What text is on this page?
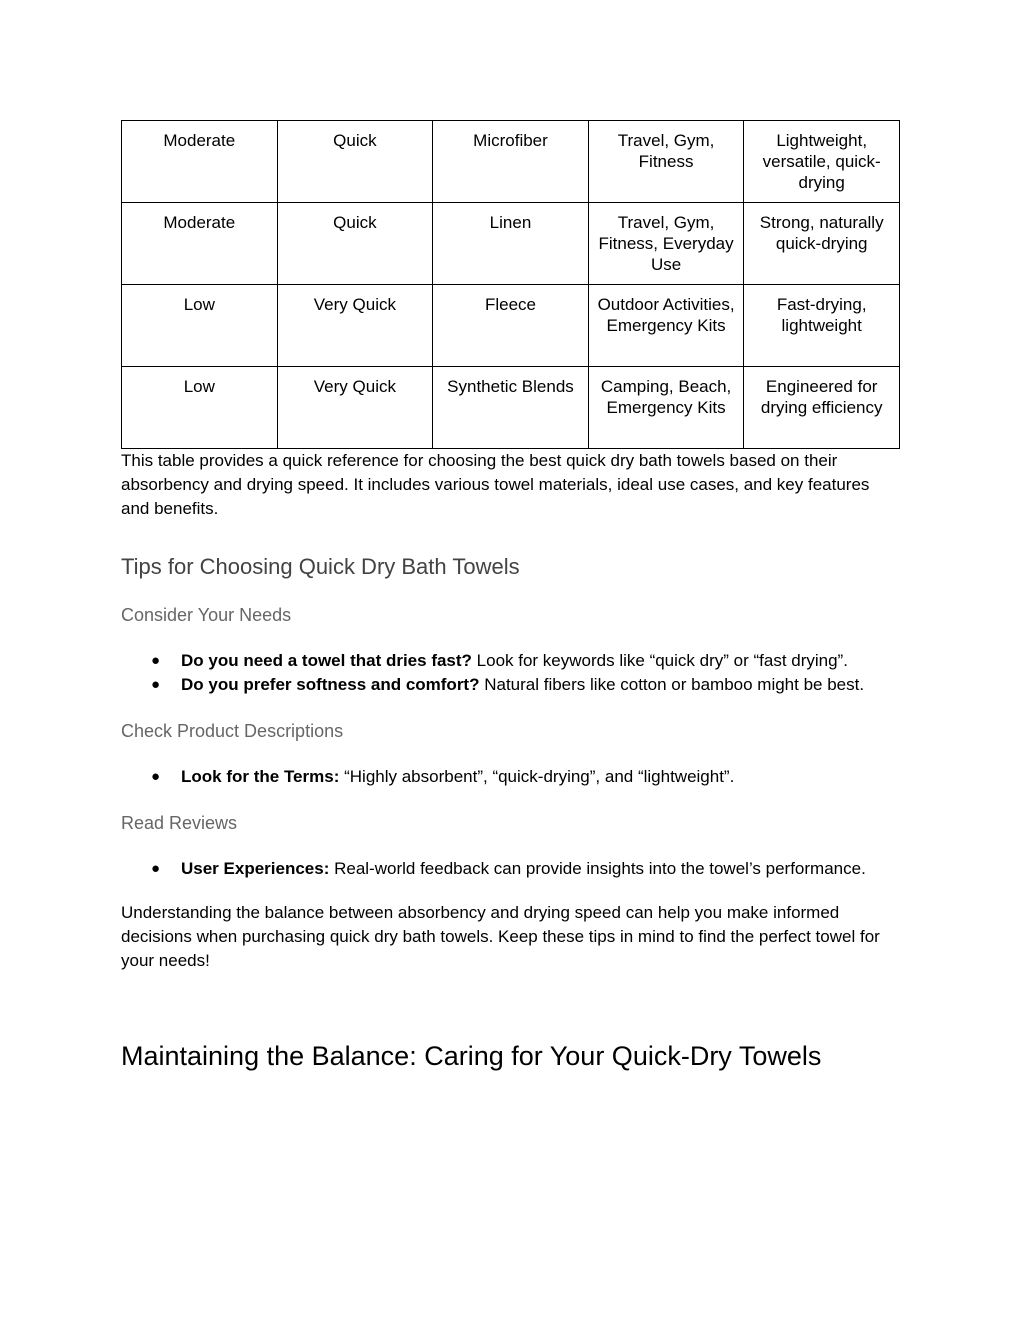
Moderate	Quick	Microfiber	Travel, Gym, Fitness	Lightweight, versatile, quick-drying
Moderate	Quick	Linen	Travel, Gym, Fitness, Everyday Use	Strong, naturally quick-drying
Low	Very Quick	Fleece	Outdoor Activities, Emergency Kits	Fast-drying, lightweight
Low	Very Quick	Synthetic Blends	Camping, Beach, Emergency Kits	Engineered for drying efficiency

This table provides a quick reference for choosing the best quick dry bath towels based on their absorbency and drying speed. It includes various towel materials, ideal use cases, and key features and benefits.

Tips for Choosing Quick Dry Bath Towels
Consider Your Needs
● Do you need a towel that dries fast? Look for keywords like “quick dry” or “fast drying”.
● Do you prefer softness and comfort? Natural fibers like cotton or bamboo might be best.
Check Product Descriptions
● Look for the Terms: “Highly absorbent”, “quick-drying”, and “lightweight”.
Read Reviews
● User Experiences: Real-world feedback can provide insights into the towel’s performance.

Understanding the balance between absorbency and drying speed can help you make informed decisions when purchasing quick dry bath towels. Keep these tips in mind to find the perfect towel for your needs!

Maintaining the Balance: Caring for Your Quick-Dry Towels
